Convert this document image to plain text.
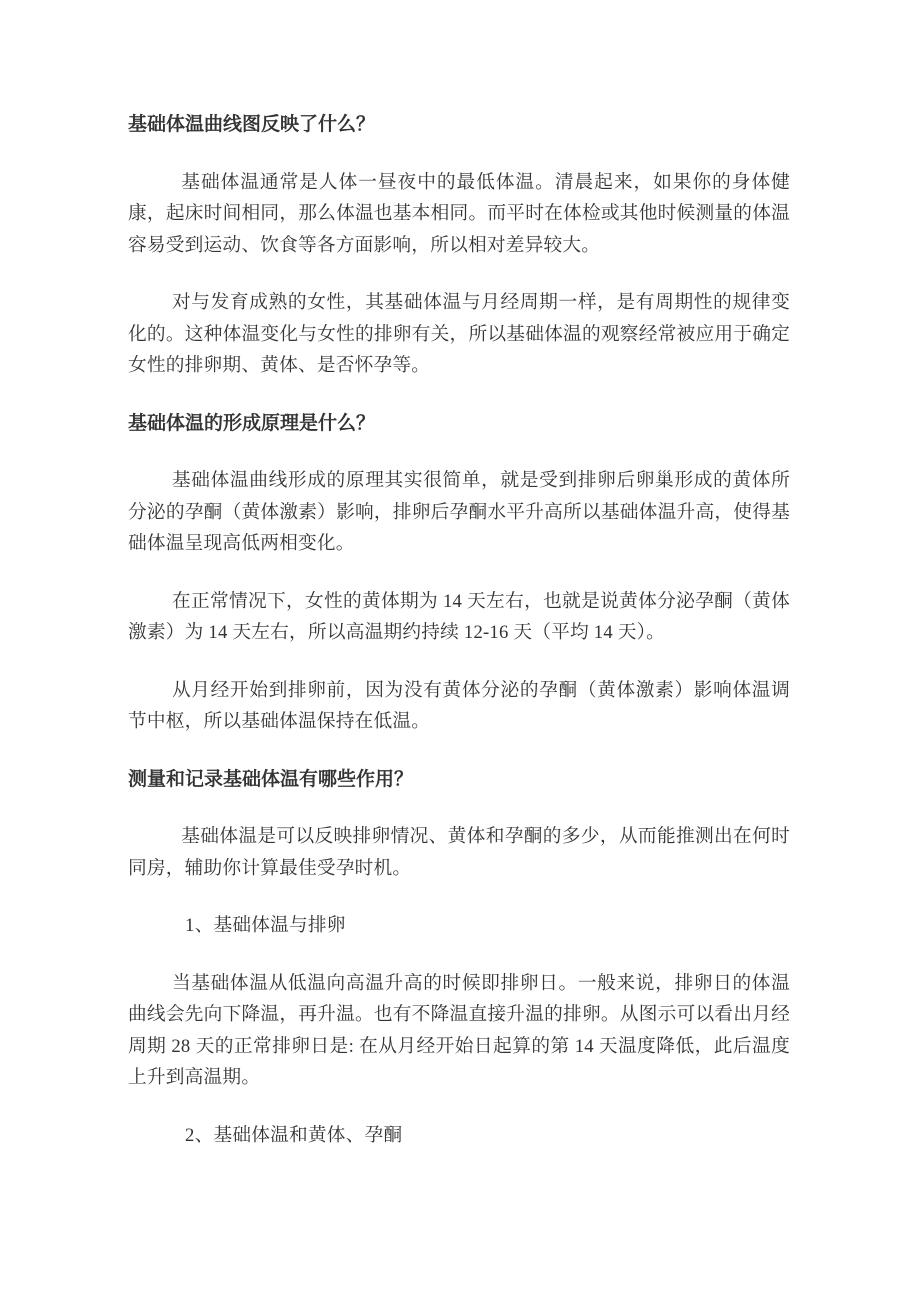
基础体温曲线图反映了什么？

基础体温通常是人体一昼夜中的最低体温。清晨起来，如果你的身体健康，起床时间相同，那么体温也基本相同。而平时在体检或其他时候测量的体温容易受到运动、饮食等各方面影响，所以相对差异较大。

对与发育成熟的女性，其基础体温与月经周期一样，是有周期性的规律变化的。这种体温变化与女性的排卵有关，所以基础体温的观察经常被应用于确定女性的排卵期、黄体、是否怀孕等。

基础体温的形成原理是什么？

基础体温曲线形成的原理其实很简单，就是受到排卵后卵巢形成的黄体所分泌的孕酮（黄体激素）影响，排卵后孕酮水平升高所以基础体温升高，使得基础体温呈现高低两相变化。

在正常情况下，女性的黄体期为 14 天左右，也就是说黄体分泌孕酮（黄体激素）为 14 天左右，所以高温期约持续 12-16 天（平均 14 天）。

从月经开始到排卵前，因为没有黄体分泌的孕酮（黄体激素）影响体温调节中枢，所以基础体温保持在低温。

测量和记录基础体温有哪些作用？

基础体温是可以反映排卵情况、黄体和孕酮的多少，从而能推测出在何时同房，辅助你计算最佳受孕时机。

1、基础体温与排卵

当基础体温从低温向高温升高的时候即排卵日。一般来说，排卵日的体温曲线会先向下降温，再升温。也有不降温直接升温的排卵。从图示可以看出月经周期 28 天的正常排卵日是: 在从月经开始日起算的第 14 天温度降低，此后温度上升到高温期。

2、基础体温和黄体、孕酮
